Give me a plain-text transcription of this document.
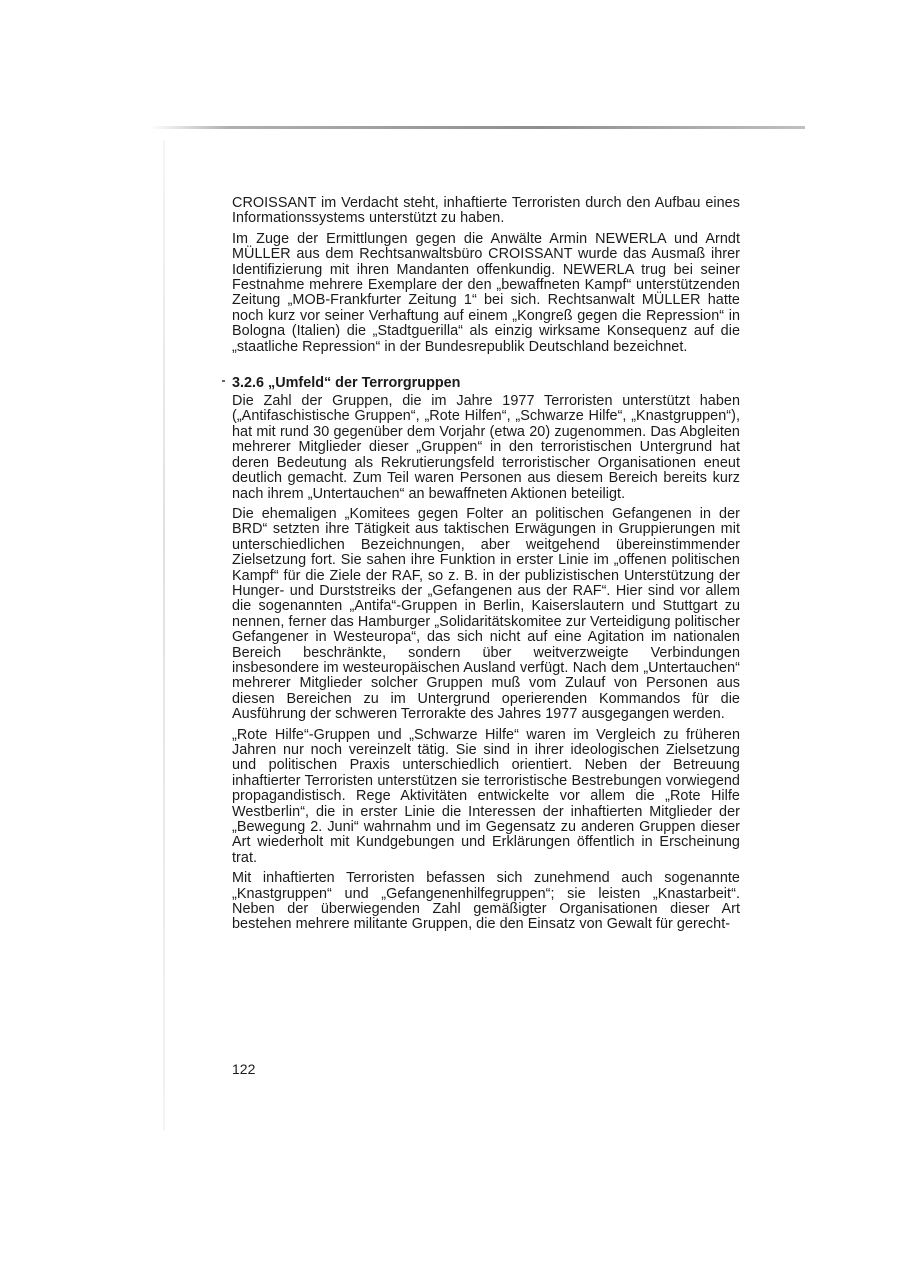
CROISSANT im Verdacht steht, inhaftierte Terroristen durch den Aufbau eines Informationssystems unterstützt zu haben.

Im Zuge der Ermittlungen gegen die Anwälte Armin NEWERLA und Arndt MÜLLER aus dem Rechtsanwaltsbüro CROISSANT wurde das Ausmaß ihrer Identifizierung mit ihren Mandanten offenkundig. NEWERLA trug bei seiner Festnahme mehrere Exemplare der den „bewaffneten Kampf“ unterstützenden Zeitung „MOB-Frankfurter Zeitung 1“ bei sich. Rechtsanwalt MÜLLER hatte noch kurz vor seiner Verhaftung auf einem „Kongreß gegen die Repression“ in Bologna (Italien) die „Stadtguerilla“ als einzig wirksame Konsequenz auf die „staatliche Repression“ in der Bundesrepublik Deutschland bezeichnet.

3.2.6 „Umfeld“ der Terrorgruppen

Die Zahl der Gruppen, die im Jahre 1977 Terroristen unterstützt haben („Antifaschistische Gruppen“, „Rote Hilfen“, „Schwarze Hilfe“, „Knastgruppen“), hat mit rund 30 gegenüber dem Vorjahr (etwa 20) zugenommen. Das Abgleiten mehrerer Mitglieder dieser „Gruppen“ in den terroristischen Untergrund hat deren Bedeutung als Rekrutierungsfeld terroristischer Organisationen eneut deutlich gemacht. Zum Teil waren Personen aus diesem Bereich bereits kurz nach ihrem „Untertauchen“ an bewaffneten Aktionen beteiligt.

Die ehemaligen „Komitees gegen Folter an politischen Gefangenen in der BRD“ setzten ihre Tätigkeit aus taktischen Erwägungen in Gruppierungen mit unterschiedlichen Bezeichnungen, aber weitgehend übereinstimmender Zielsetzung fort. Sie sahen ihre Funktion in erster Linie im „offenen politischen Kampf“ für die Ziele der RAF, so z. B. in der publizistischen Unterstützung der Hunger- und Durststreiks der „Gefangenen aus der RAF“. Hier sind vor allem die sogenannten „Antifa“-Gruppen in Berlin, Kaiserslautern und Stuttgart zu nennen, ferner das Hamburger „Solidaritätskomitee zur Verteidigung politischer Gefangener in Westeuropa“, das sich nicht auf eine Agitation im nationalen Bereich beschränkte, sondern über weitverzweigte Verbindungen insbesondere im westeuropäischen Ausland verfügt. Nach dem „Untertauchen“ mehrerer Mitglieder solcher Gruppen muß vom Zulauf von Personen aus diesen Bereichen zu im Untergrund operierenden Kommandos für die Ausführung der schweren Terrorakte des Jahres 1977 ausgegangen werden.

„Rote Hilfe“-Gruppen und „Schwarze Hilfe“ waren im Vergleich zu früheren Jahren nur noch vereinzelt tätig. Sie sind in ihrer ideologischen Zielsetzung und politischen Praxis unterschiedlich orientiert. Neben der Betreuung inhaftierter Terroristen unterstützen sie terroristische Bestrebungen vorwiegend propagandistisch. Rege Aktivitäten entwickelte vor allem die „Rote Hilfe Westberlin“, die in erster Linie die Interessen der inhaftierten Mitglieder der „Bewegung 2. Juni“ wahrnahm und im Gegensatz zu anderen Gruppen dieser Art wiederholt mit Kundgebungen und Erklärungen öffentlich in Erscheinung trat.

Mit inhaftierten Terroristen befassen sich zunehmend auch sogenannte „Knastgruppen“ und „Gefangenenhilfegruppen“; sie leisten „Knastarbeit“. Neben der überwiegenden Zahl gemäßigter Organisationen dieser Art bestehen mehrere militante Gruppen, die den Einsatz von Gewalt für gerecht-

122
